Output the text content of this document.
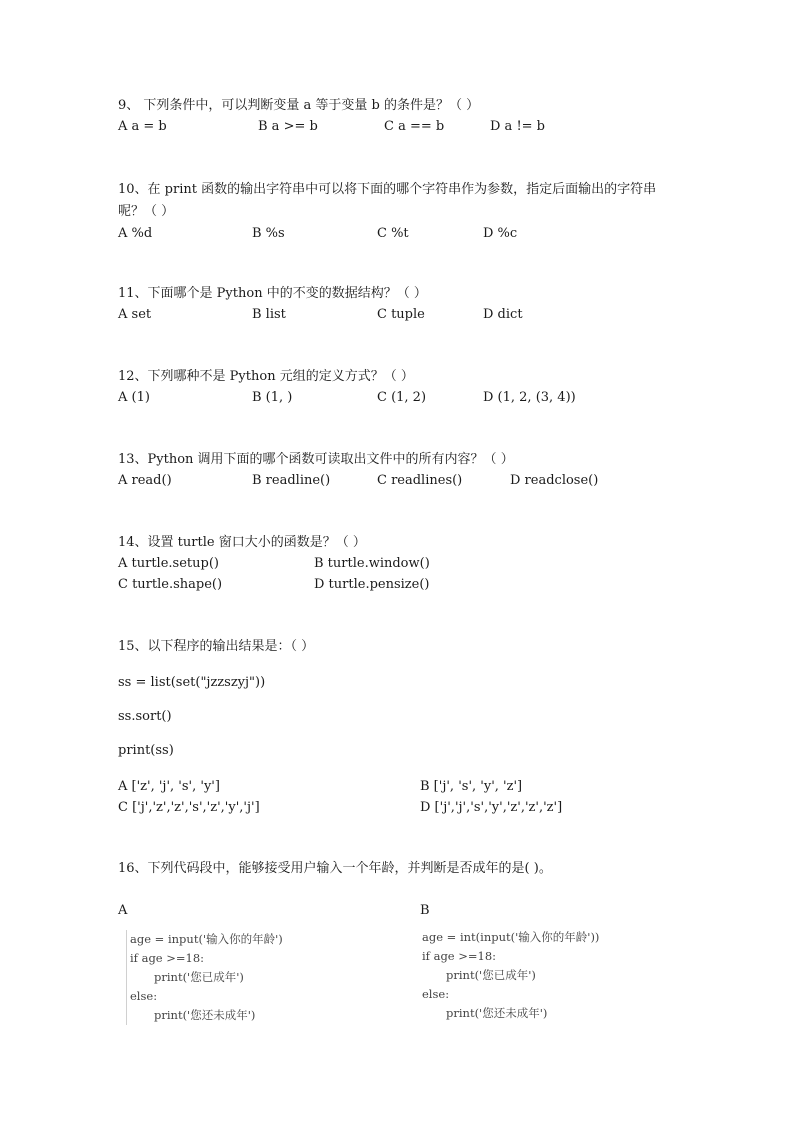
9、 下列条件中，可以判断变量 a 等于变量 b 的条件是？（ ）
A a = b	B a >= b	C a == b	D a != b
10、在 print 函数的输出字符串中可以将下面的哪个字符串作为参数，指定后面输出的字符串呢？（ ）
A %d	B %s	C %t	D %c
11、下面哪个是 Python 中的不变的数据结构？（ ）
A set	B list	C tuple	D dict
12、下列哪种不是 Python 元组的定义方式？（ ）
A (1)	B (1, )	C (1, 2)	D (1, 2, (3, 4))
13、Python 调用下面的哪个函数可读取出文件中的所有内容？（ ）
A read()	B readline()	C readlines()	D readclose()
14、设置 turtle 窗口大小的函数是？（ ）
A turtle.setup()	B turtle.window()
C turtle.shape()	D turtle.pensize()
15、以下程序的输出结果是：（ ）
ss = list(set("jzzszyj"))
ss.sort()
print(ss)
A ['z', 'j', 's', 'y']	B ['j', 's', 'y', 'z']
C ['j','z','z','s','z','y','j']	D ['j','j','s','y','z','z','z']
16、下列代码段中，能够接受用户输入一个年龄，并判断是否成年的是( )。
A	B
age = input('输入你的年龄')
if age >=18:
print('您已成年')
else:
print('您还未成年')
age = int(input('输入你的年龄'))
if age >=18:
print('您已成年')
else:
print('您还未成年')
